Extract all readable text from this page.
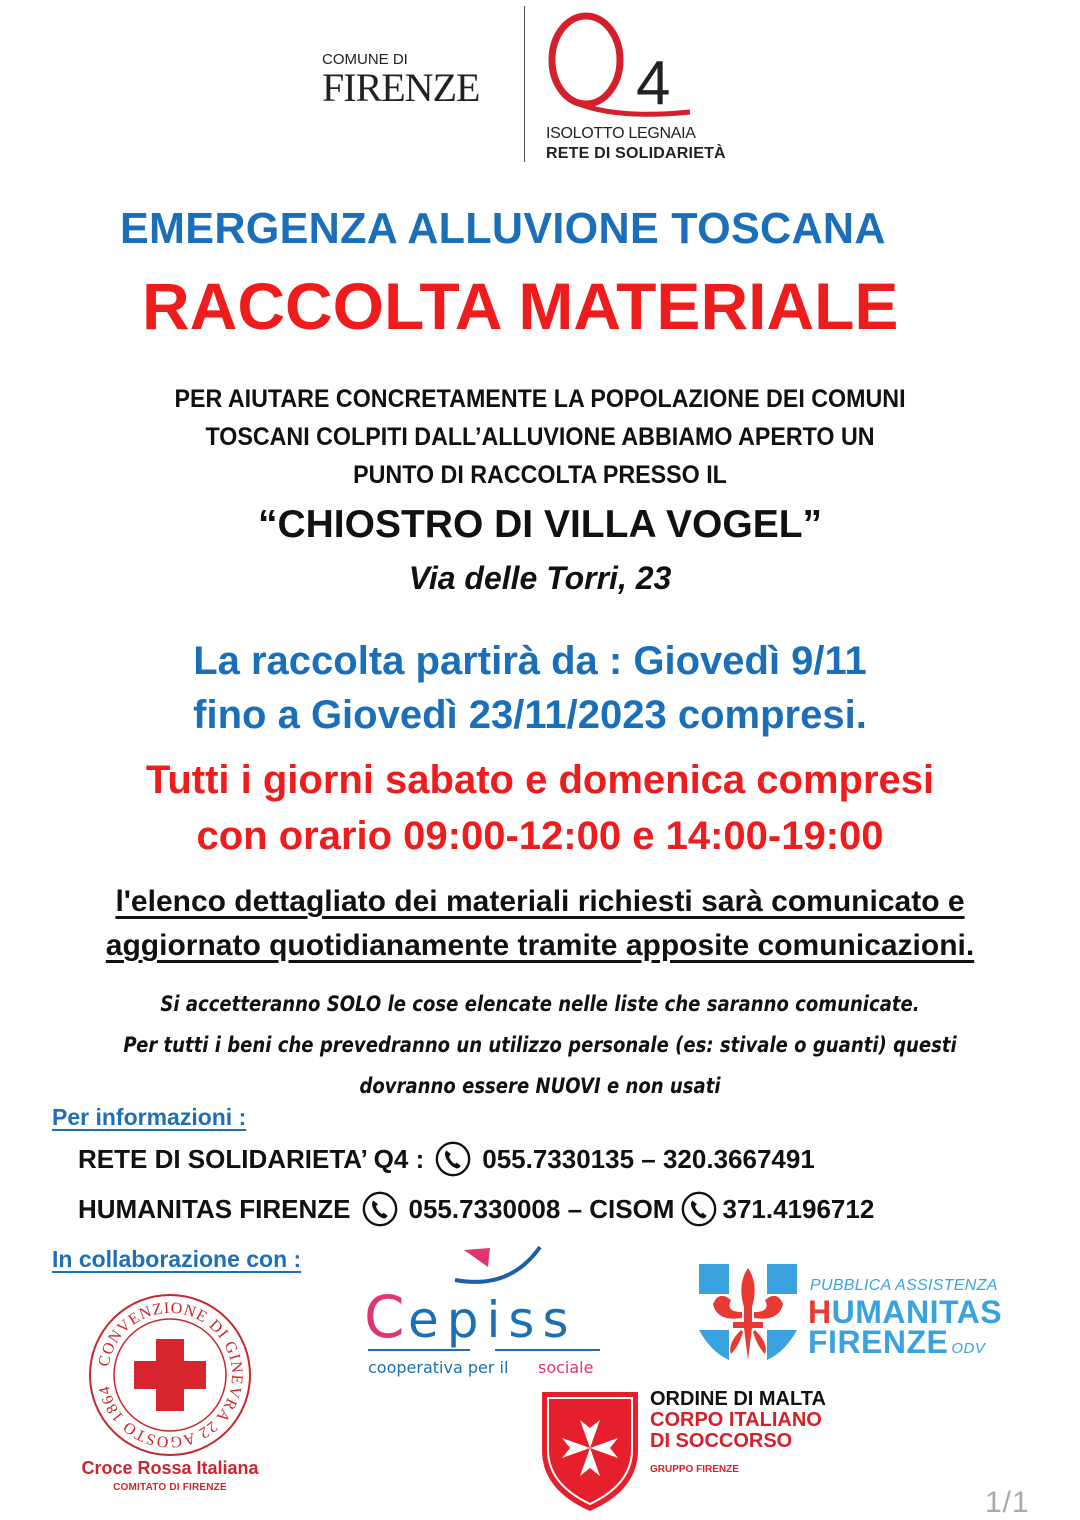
COMUNE DI
FIRENZE	4
ISOLOTTO LEGNAIA
RETE DI SOLIDARIETÀ
EMERGENZA ALLUVIONE TOSCANA
RACCOLTA MATERIALE
PER AIUTARE CONCRETAMENTE LA POPOLAZIONE DEI COMUNI
TOSCANI COLPITI DALL’ALLUVIONE ABBIAMO APERTO UN
PUNTO DI RACCOLTA PRESSO IL
“CHIOSTRO DI VILLA VOGEL”
Via delle Torri, 23
La raccolta partirà da : Giovedì 9/11
fino a Giovedì 23/11/2023 compresi.
Tutti i giorni sabato e domenica compresi
con orario 09:00-12:00 e 14:00-19:00
l'elenco dettagliato dei materiali richiesti sarà comunicato e
aggiornato quotidianamente tramite apposite comunicazioni.
Si accetteranno SOLO le cose elencate nelle liste che saranno comunicate.
Per tutti i beni che prevedranno un utilizzo personale (es: stivale o guanti) questi
dovranno essere NUOVI e non usati
Per informazioni :
RETE DI SOLIDARIETA’ Q4 : 055.7330135 – 320.3667491
HUMANITAS FIRENZE 055.7330008 – CISOM 371.4196712
In collaborazione con :
CONVENZIONE DI GINEVRA 22 AGOSTO 1864
Croce Rossa Italiana
COMITATO DI FIRENZE
C episs
cooperativa per il sociale
PUBBLICA ASSISTENZA
HUMANITAS
FIRENZE ODV
ORDINE DI MALTA
CORPO ITALIANO
DI SOCCORSO
GRUPPO FIRENZE
1/1
